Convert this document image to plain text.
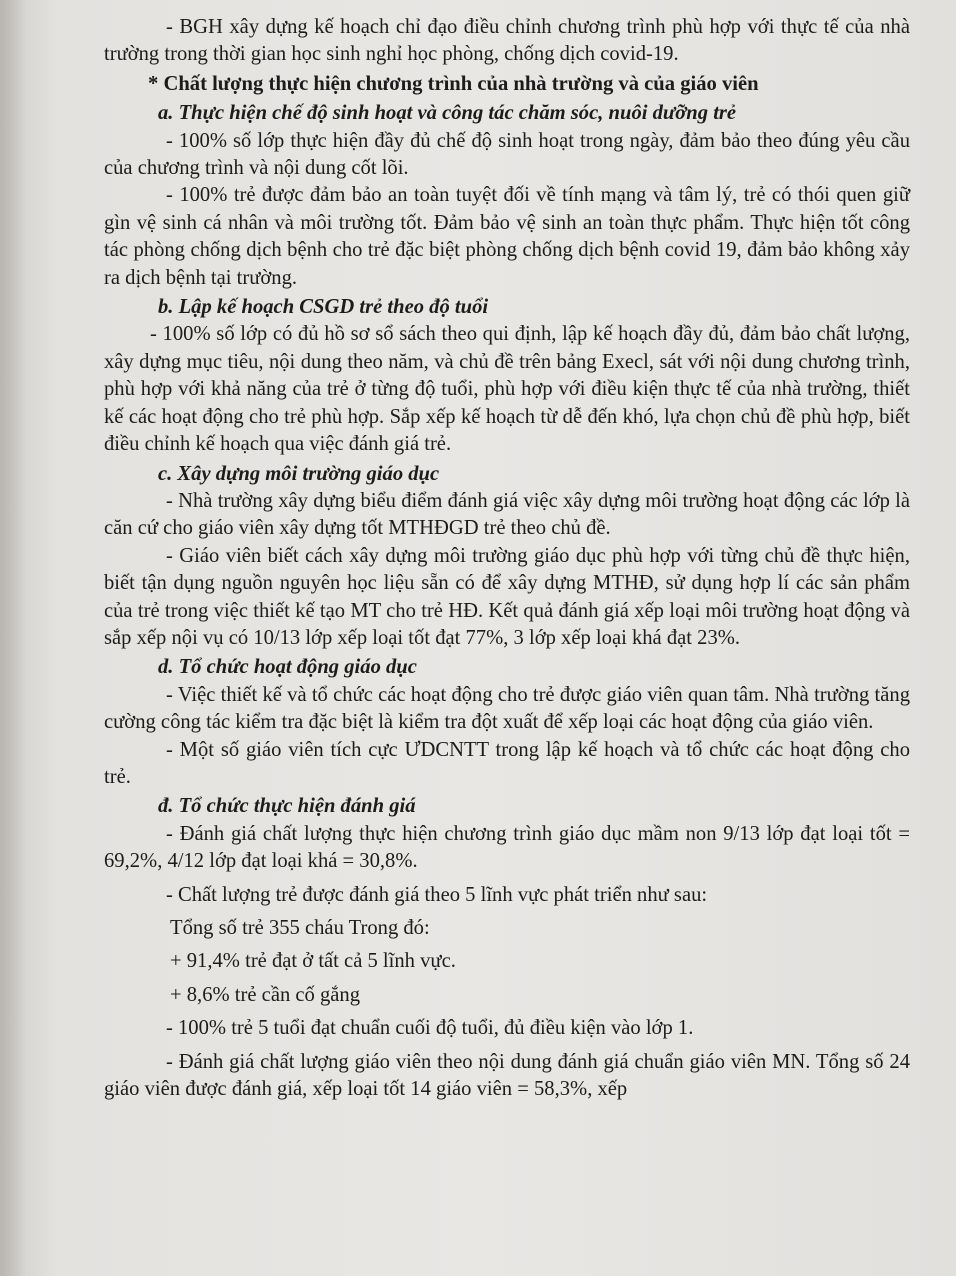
- BGH xây dựng kế hoạch chỉ đạo điều chỉnh chương trình phù hợp với thực tế của nhà trường trong thời gian học sinh nghỉ học phòng, chống dịch covid-19.

* Chất lượng thực hiện chương trình của nhà trường và của giáo viên

a. Thực hiện chế độ sinh hoạt và công tác chăm sóc, nuôi dưỡng trẻ

- 100% số lớp thực hiện đầy đủ chế độ sinh hoạt trong ngày, đảm bảo theo đúng yêu cầu của chương trình và nội dung cốt lõi.

- 100% trẻ được đảm bảo an toàn tuyệt đối về tính mạng và tâm lý, trẻ có thói quen giữ gìn vệ sinh cá nhân và môi trường tốt. Đảm bảo vệ sinh an toàn thực phẩm. Thực hiện tốt công tác phòng chống dịch bệnh cho trẻ đặc biệt phòng chống dịch bệnh covid 19, đảm bảo không xảy ra dịch bệnh tại trường.

b. Lập kế hoạch CSGD trẻ theo độ tuổi

- 100% số lớp có đủ hồ sơ sổ sách theo qui định, lập kế hoạch đầy đủ, đảm bảo chất lượng, xây dựng mục tiêu, nội dung theo năm, và chủ đề trên bảng Execl, sát với nội dung chương trình, phù hợp với khả năng của trẻ ở từng độ tuổi, phù hợp với điều kiện thực tế của nhà trường, thiết kế các hoạt động cho trẻ phù hợp. Sắp xếp kế hoạch từ dễ đến khó, lựa chọn chủ đề phù hợp, biết điều chỉnh kế hoạch qua việc đánh giá trẻ.

c. Xây dựng môi trường giáo dục

- Nhà trường xây dựng biểu điểm đánh giá việc xây dựng môi trường hoạt động các lớp là căn cứ cho giáo viên xây dựng tốt MTHĐGD trẻ theo chủ đề.

- Giáo viên biết cách xây dựng môi trường giáo dục phù hợp với từng chủ đề thực hiện, biết tận dụng nguồn nguyên học liệu sẵn có để xây dựng MTHĐ, sử dụng hợp lí các sản phẩm của trẻ trong việc thiết kế tạo MT cho trẻ HĐ. Kết quả đánh giá xếp loại môi trường hoạt động và sắp xếp nội vụ có 10/13 lớp xếp loại tốt đạt 77%, 3 lớp xếp loại khá đạt 23%.

d. Tổ chức hoạt động giáo dục

- Việc thiết kế và tổ chức các hoạt động cho trẻ được giáo viên quan tâm. Nhà trường tăng cường công tác kiểm tra đặc biệt là kiểm tra đột xuất để xếp loại các hoạt động của giáo viên.

- Một số giáo viên tích cực ƯDCNTT trong lập kế hoạch và tổ chức các hoạt động cho trẻ.

đ. Tổ chức thực hiện đánh giá

- Đánh giá chất lượng thực hiện chương trình giáo dục mầm non 9/13 lớp đạt loại tốt = 69,2%, 4/12 lớp đạt loại khá = 30,8%.

- Chất lượng trẻ được đánh giá theo 5 lĩnh vực phát triển như sau:

Tổng số trẻ 355 cháu Trong đó:

+ 91,4% trẻ đạt ở tất cả 5 lĩnh vực.

+ 8,6% trẻ cần cố gắng

- 100% trẻ 5 tuổi đạt chuẩn cuối độ tuổi, đủ điều kiện vào lớp 1.

- Đánh giá chất lượng giáo viên theo nội dung đánh giá chuẩn giáo viên MN. Tổng số 24 giáo viên được đánh giá, xếp loại tốt 14 giáo viên = 58,3%, xếp
